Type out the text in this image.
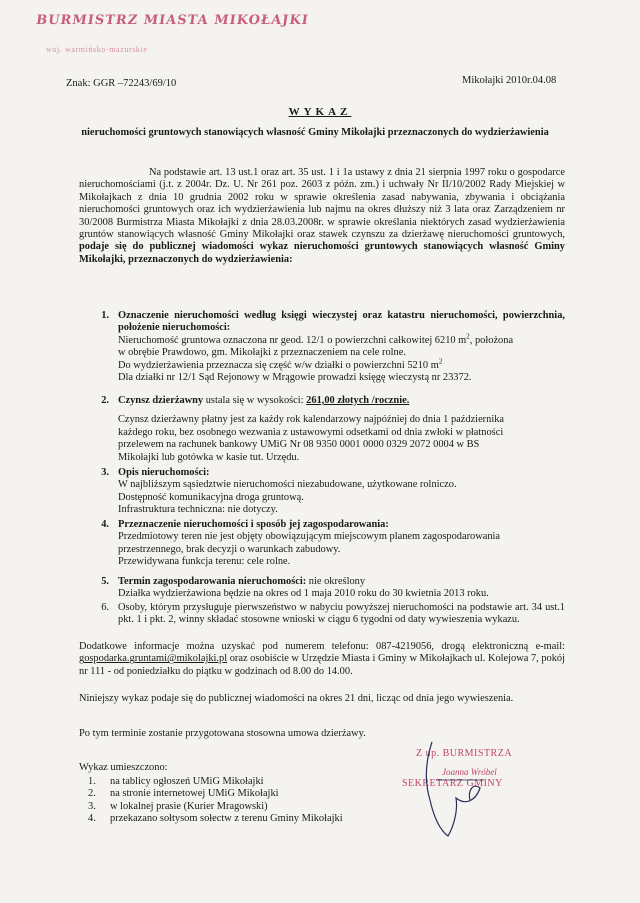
BURMISTRZ MIASTA MIKOŁAJKI
woj. warmińsko-mazurskie
Znak: GGR –72243/69/10	Mikołajki 2010r.04.08
WYKAZ
nieruchomości gruntowych stanowiących własność Gminy Mikołajki przeznaczonych do wydzierżawienia
Na podstawie art. 13 ust.1 oraz art. 35 ust. 1 i 1a ustawy z dnia 21 sierpnia 1997 roku o gospodarce nieruchomościami (j.t. z 2004r. Dz. U. Nr 261 poz. 2603 z późn. zm.) i uchwały Nr II/10/2002 Rady Miejskiej w Mikołajkach z dnia 10 grudnia 2002 roku w sprawie określenia zasad nabywania, zbywania i obciążania nieruchomości gruntowych oraz ich wydzierżawienia lub najmu na okres dłuższy niż 3 lata oraz Zarządzeniem nr 30/2008 Burmistrza Miasta Mikołajki z dnia 28.03.2008r. w sprawie określania niektórych zasad wydzierżawienia gruntów stanowiących własność Gminy Mikołajki oraz stawek czynszu za dzierżawę nieruchomości gruntowych, podaje się do publicznej wiadomości wykaz nieruchomości gruntowych stanowiących własność Gminy Mikołajki, przeznaczonych do wydzierżawienia:
1. Oznaczenie nieruchomości według księgi wieczystej oraz katastru nieruchomości, powierzchnia, położenie nieruchomości:
Nieruchomość gruntowa oznaczona nr geod. 12/1 o powierzchni całkowitej 6210 $m^2$, położona
w obrębie Prawdowo, gm. Mikołajki z przeznaczeniem na cele rolne.
Do wydzierżawienia przeznacza się część w/w działki o powierzchni 5210 $m^2$
Dla działki nr 12/1 Sąd Rejonowy w Mrągowie prowadzi księgę wieczystą nr 23372.
2. Czynsz dzierżawny ustala się w wysokości: 261,00 złotych /rocznie.
Czynsz dzierżawny płatny jest za każdy rok kalendarzowy najpóźniej do dnia 1 października każdego roku, bez osobnego wezwania z ustawowymi odsetkami od dnia zwłoki w płatności przelewem na rachunek bankowy UMiG Nr 08 9350 0001 0000 0329 2072 0004 w BS Mikołajki lub gotówka w kasie tut. Urzędu.
3. Opis nieruchomości:
W najbliższym sąsiedztwie nieruchomości niezabudowane, użytkowane rolniczo.
Dostępność komunikacyjna droga gruntową.
Infrastruktura techniczna: nie dotyczy.
4. Przeznaczenie nieruchomości i sposób jej zagospodarowania:
Przedmiotowy teren nie jest objęty obowiązującym miejscowym planem zagospodarowania przestrzennego, brak decyzji o warunkach zabudowy.
Przewidywana funkcja terenu: cele rolne.
5. Termin zagospodarowania nieruchomości: nie określony
Działka wydzierżawiona będzie na okres od 1 maja 2010 roku do 30 kwietnia 2013 roku.
6. Osoby, którym przysługuje pierwszeństwo w nabyciu powyższej nieruchomości na podstawie art. 34 ust.1 pkt. 1 i pkt. 2, winny składać stosowne wnioski w ciągu 6 tygodni od daty wywieszenia wykazu.
Dodatkowe informacje można uzyskać pod numerem telefonu: 087-4219056, drogą elektroniczną e-mail: gospodarka.gruntami@mikolajki.pl oraz osobiście w Urzędzie Miasta i Gminy w Mikołajkach ul. Kolejowa 7, pokój nr 111 - od poniedziałku do piątku w godzinach od 8.00 do 14.00.
Niniejszy wykaz podaje się do publicznej wiadomości na okres 21 dni, licząc od dnia jego wywieszenia.
Po tym terminie zostanie przygotowana stosowna umowa dzierżawy.
Z up. BURMISTRZA
Joanna Wróbel
SEKRETARZ GMINY
Wykaz umieszczono:
1.	na tablicy ogłoszeń UMiG Mikołajki
2.	na stronie internetowej UMiG Mikołajki
3.	w lokalnej prasie (Kurier Mragowski)
4.	przekazano sołtysom sołectw z terenu Gminy Mikołajki
